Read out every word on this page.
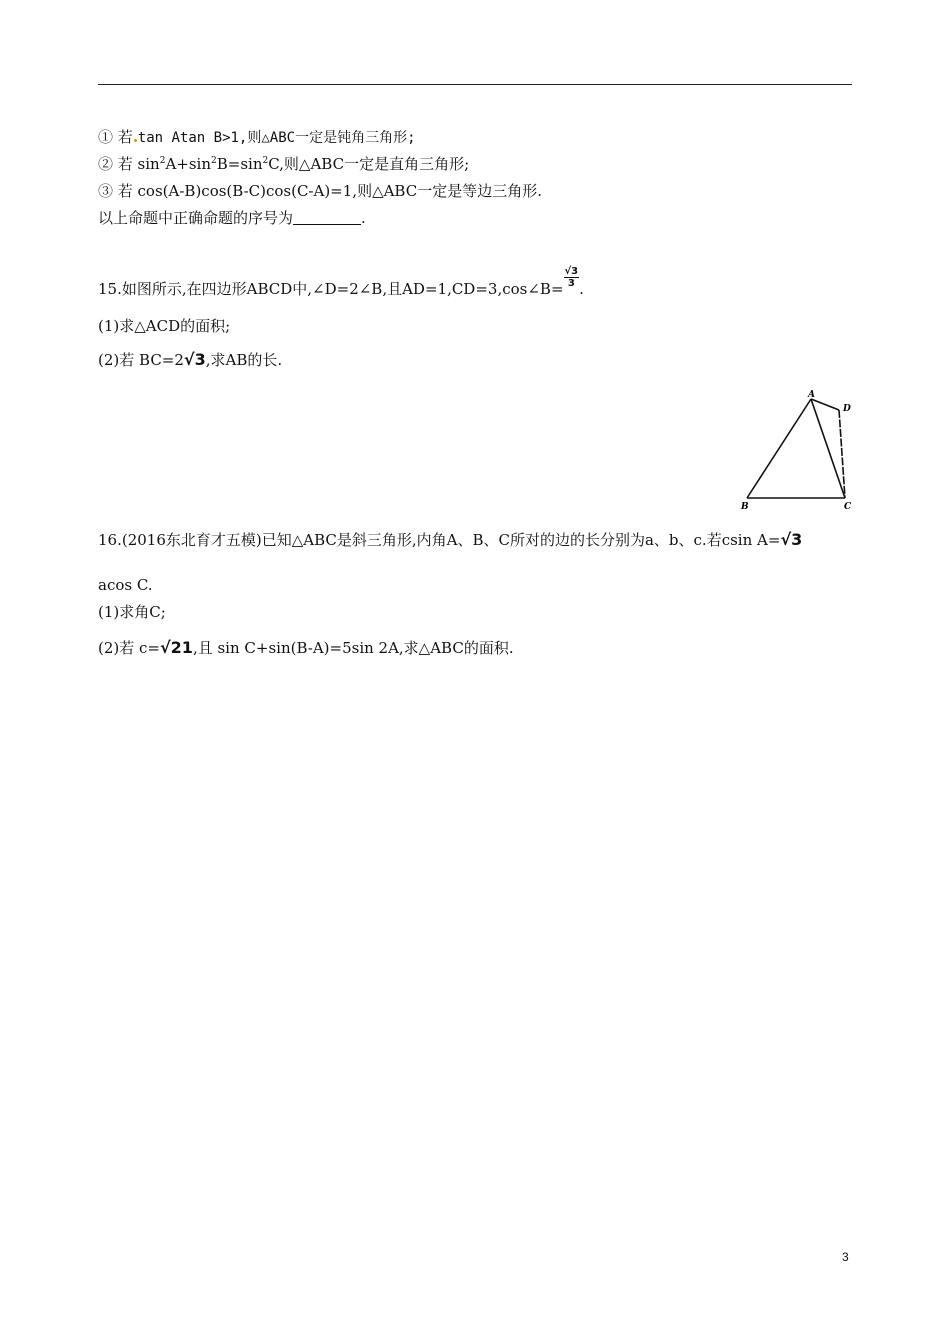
① 若 tan Atan B>1,则△ABC一定是钝角三角形;
② 若 $\sin^2A+\sin^2B=\sin^2C$,则△ABC一定是直角三角形;
③ 若 cos(A-B)cos(B-C)cos(C-A)=1,则△ABC一定是等边三角形.
以上命题中正确命题的序号为	.
15.如图所示,在四边形ABCD中,∠D=2∠B,且AD=1,CD=3,cos∠B= $\frac{√3}{3}$ .
(1)求△ACD的面积;
(2)若 BC=2√3,求AB的长.
A
B	C
D
16.(2016东北育才五模)已知△ABC是斜三角形,内角A、B、C所对的边的长分别为a、b、c.若csin A=√3
acos C.
(1)求角C;
(2)若 c=√21,且 sin C+sin(B-A)=5sin 2A,求△ABC的面积.
3
